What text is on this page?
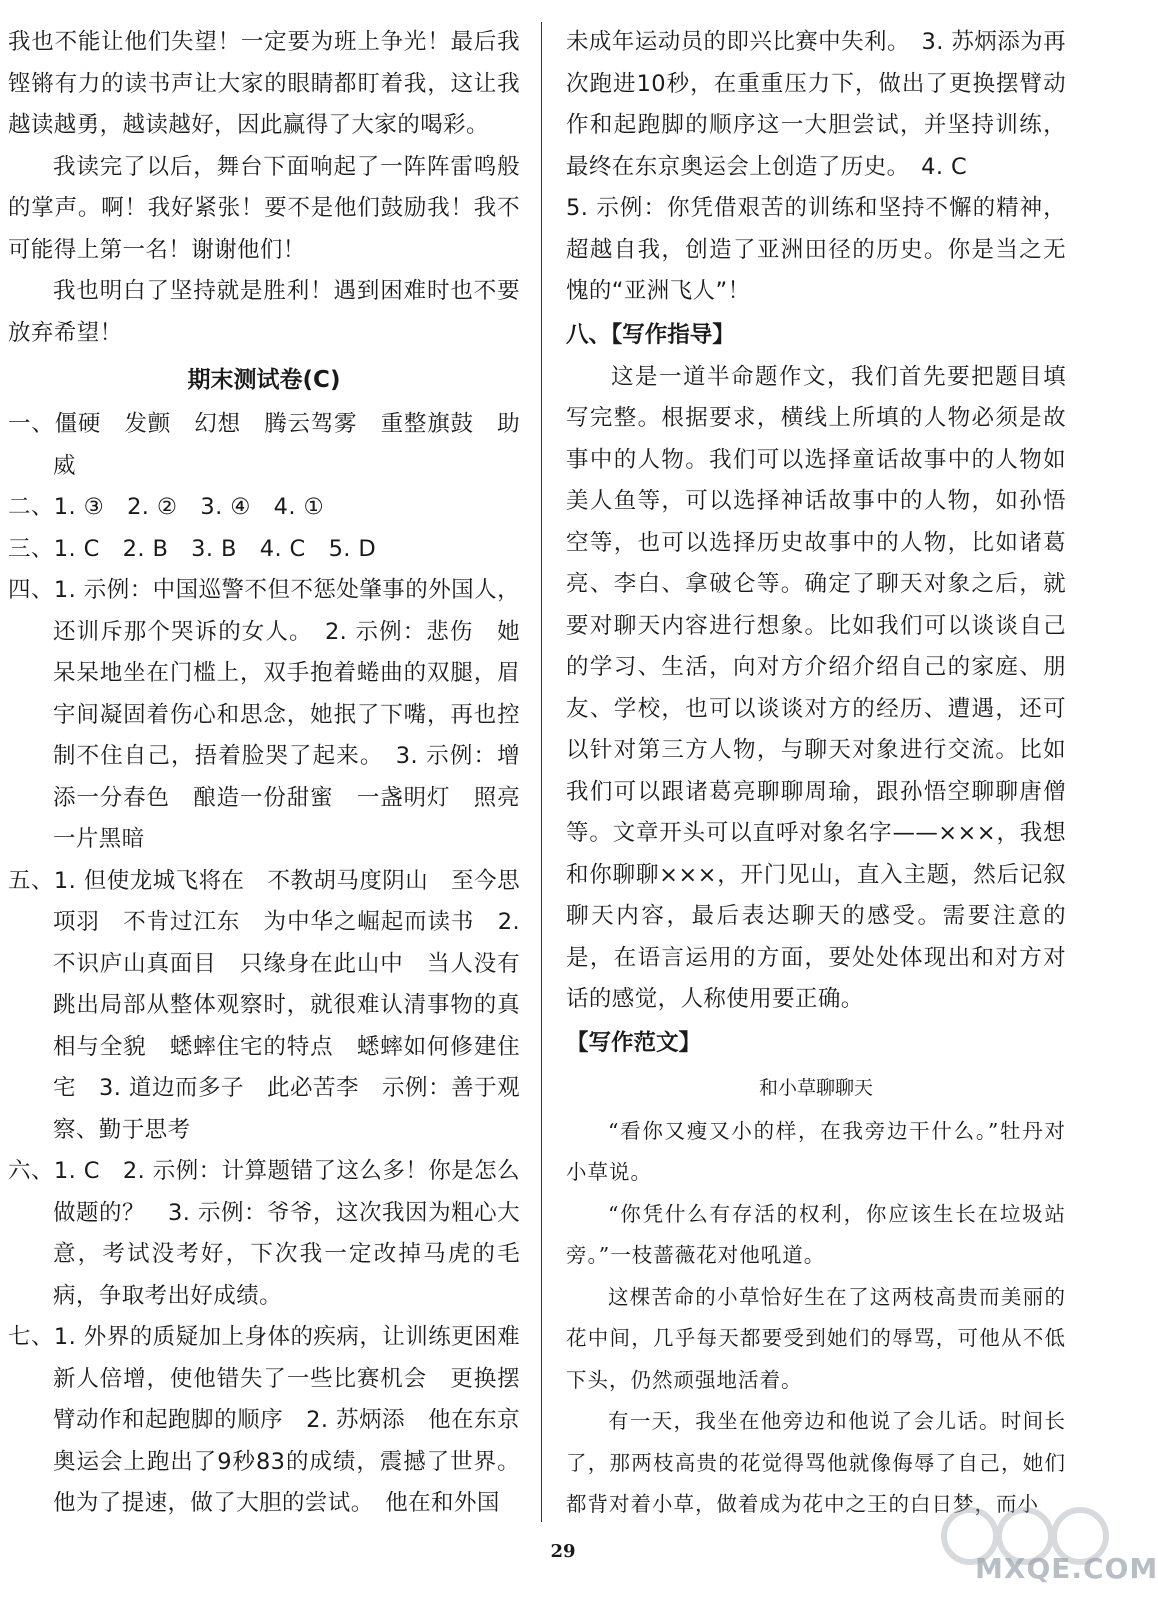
我也不能让他们失望！一定要为班上争光！最后我铿锵有力的读书声让大家的眼睛都盯着我，这让我越读越勇，越读越好，因此赢得了大家的喝彩。

我读完了以后，舞台下面响起了一阵阵雷鸣般的掌声。啊！我好紧张！要不是他们鼓励我！我不可能得上第一名！谢谢他们！

我也明白了坚持就是胜利！遇到困难时也不要放弃希望！

期末测试卷(C)

一、僵硬　发颤　幻想　腾云驾雾　重整旗鼓　助威

二、1. ③　2. ②　3. ④　4. ①

三、1. C　2. B　3. B　4. C　5. D

四、1. 示例：中国巡警不但不惩处肇事的外国人，还训斥那个哭诉的女人。　2. 示例：悲伤　她呆呆地坐在门槛上，双手抱着蜷曲的双腿，眉宇间凝固着伤心和思念，她抿了下嘴，再也控制不住自己，捂着脸哭了起来。　3. 示例：增添一分春色　酿造一份甜蜜　一盏明灯　照亮一片黑暗

五、1. 但使龙城飞将在　不教胡马度阴山　至今思项羽　不肯过江东　为中华之崛起而读书　2. 不识庐山真面目　只缘身在此山中　当人没有跳出局部从整体观察时，就很难认清事物的真相与全貌　蟋蟀住宅的特点　蟋蟀如何修建住宅　3. 道边而多子　此必苦李　示例：善于观察、勤于思考

六、1. C　2. 示例：计算题错了这么多！你是怎么做题的？　3. 示例：爷爷，这次我因为粗心大意，考试没考好，下次我一定改掉马虎的毛病，争取考出好成绩。

七、1. 外界的质疑加上身体的疾病，让训练更困难　新人倍增，使他错失了一些比赛机会　更换摆臂动作和起跑脚的顺序　2. 苏炳添　他在东京奥运会上跑出了9秒83的成绩，震撼了世界。他为了提速，做了大胆的尝试。　他在和外国

未成年运动员的即兴比赛中失利。　3. 苏炳添为再次跑进10秒，在重重压力下，做出了更换摆臂动作和起跑脚的顺序这一大胆尝试，并坚持训练，最终在东京奥运会上创造了历史。　4. C

5. 示例：你凭借艰苦的训练和坚持不懈的精神，超越自我，创造了亚洲田径的历史。你是当之无愧的“亚洲飞人”！

八、【写作指导】

这是一道半命题作文，我们首先要把题目填写完整。根据要求，横线上所填的人物必须是故事中的人物。我们可以选择童话故事中的人物如美人鱼等，可以选择神话故事中的人物，如孙悟空等，也可以选择历史故事中的人物，比如诸葛亮、李白、拿破仑等。确定了聊天对象之后，就要对聊天内容进行想象。比如我们可以谈谈自己的学习、生活，向对方介绍介绍自己的家庭、朋友、学校，也可以谈谈对方的经历、遭遇，还可以针对第三方人物，与聊天对象进行交流。比如我们可以跟诸葛亮聊聊周瑜，跟孙悟空聊聊唐僧等。文章开头可以直呼对象名字——×××，我想和你聊聊×××，开门见山，直入主题，然后记叙聊天内容，最后表达聊天的感受。需要注意的是，在语言运用的方面，要处处体现出和对方对话的感觉，人称使用要正确。

【写作范文】

和小草聊聊天

“看你又瘦又小的样，在我旁边干什么。”牡丹对小草说。

“你凭什么有存活的权利，你应该生长在垃圾站旁。”一枝蔷薇花对他吼道。

这棵苦命的小草恰好生在了这两枝高贵而美丽的花中间，几乎每天都要受到她们的辱骂，可他从不低下头，仍然顽强地活着。

有一天，我坐在他旁边和他说了会儿话。时间长了，那两枝高贵的花觉得骂他就像侮辱了自己，她们都背对着小草，做着成为花中之王的白日梦，而小

29
MXQE.COM
